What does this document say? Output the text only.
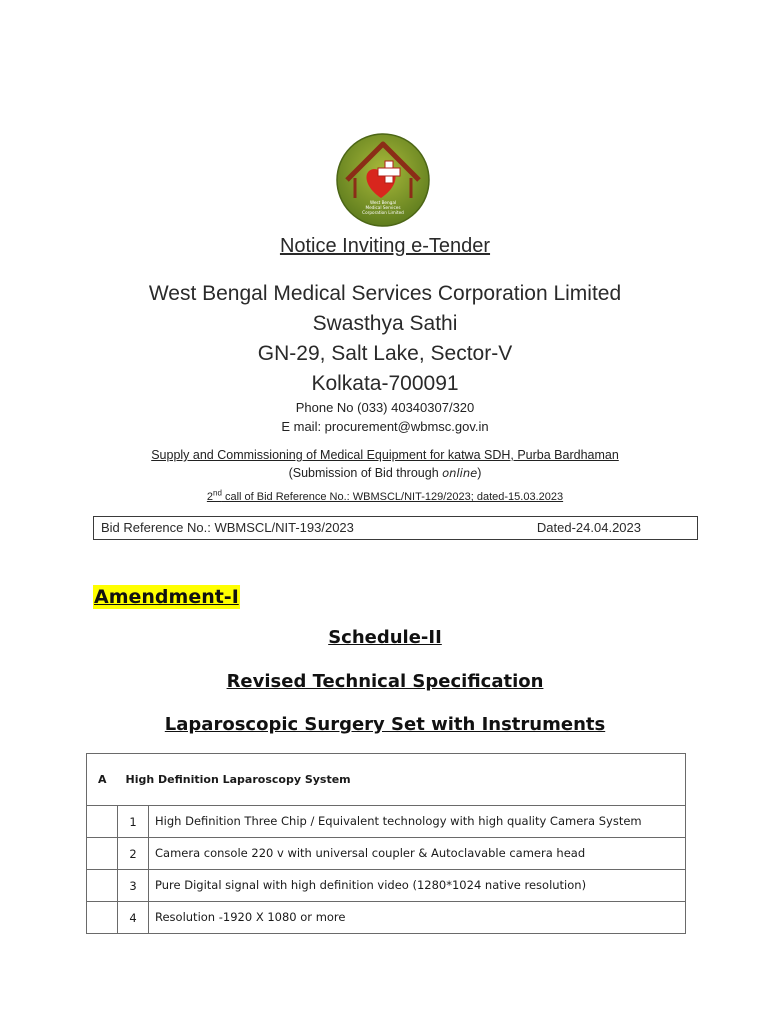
West Bengal
Medical Services
Corporation Limited
Notice Inviting e-Tender
West Bengal Medical Services Corporation Limited
Swasthya Sathi
GN-29, Salt Lake, Sector-V
Kolkata-700091
Phone No (033) 40340307/320
E mail: procurement@wbmsc.gov.in
Supply and Commissioning of Medical Equipment for katwa SDH, Purba Bardhaman
(Submission of Bid through online)
2nd call of Bid Reference No.: WBMSCL/NIT-129/2023; dated-15.03.2023
Bid Reference No.: WBMSCL/NIT-193/2023	Dated-24.04.2023
Amendment-I
Schedule-II
Revised Technical Specification
Laparoscopic Surgery Set with Instruments
A	High Definition Laparoscopy System	
	1	High Definition Three Chip / Equivalent technology with high quality Camera System
	2	Camera console 220 v with universal coupler & Autoclavable camera head
	3	Pure Digital signal with high definition video (1280*1024 native resolution)
	4	Resolution -1920 X 1080 or more
